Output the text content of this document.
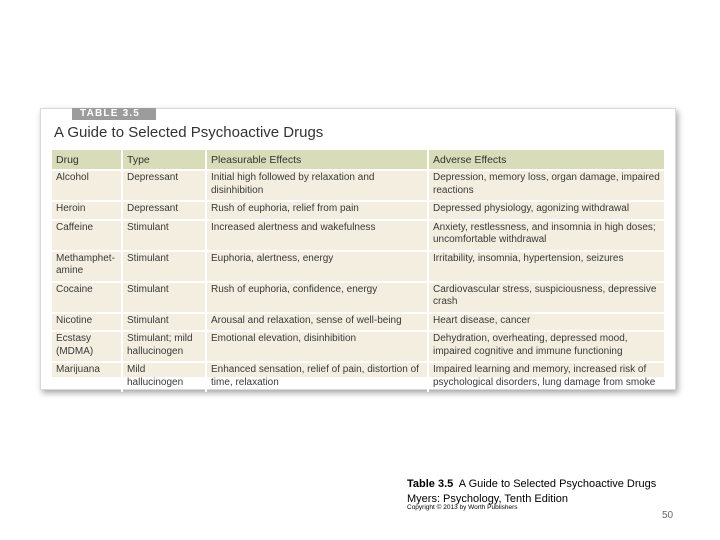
TABLE 3.5
A Guide to Selected Psychoactive Drugs
Drug	Type	Pleasurable Effects	Adverse Effects
Alcohol	Depressant	Initial high followed by relaxation and disinhibition	Depression, memory loss, organ damage, impaired reactions
Heroin	Depressant	Rush of euphoria, relief from pain	Depressed physiology, agonizing withdrawal
Caffeine	Stimulant	Increased alertness and wakefulness	Anxiety, restlessness, and insomnia in high doses; uncomfortable withdrawal
Methamphet-amine	Stimulant	Euphoria, alertness, energy	Irritability, insomnia, hypertension, seizures
Cocaine	Stimulant	Rush of euphoria, confidence, energy	Cardiovascular stress, suspiciousness, depressive crash
Nicotine	Stimulant	Arousal and relaxation, sense of well-being	Heart disease, cancer
Ecstasy (MDMA)	Stimulant; mild hallucinogen	Emotional elevation, disinhibition	Dehydration, overheating, depressed mood, impaired cognitive and immune functioning
Marijuana	Mild hallucinogen	Enhanced sensation, relief of pain, distortion of time, relaxation	Impaired learning and memory, increased risk of psychological disorders, lung damage from smoke
Table 3.5 A Guide to Selected Psychoactive Drugs
Myers: Psychology, Tenth Edition
Copyright © 2013 by Worth Publishers
50
